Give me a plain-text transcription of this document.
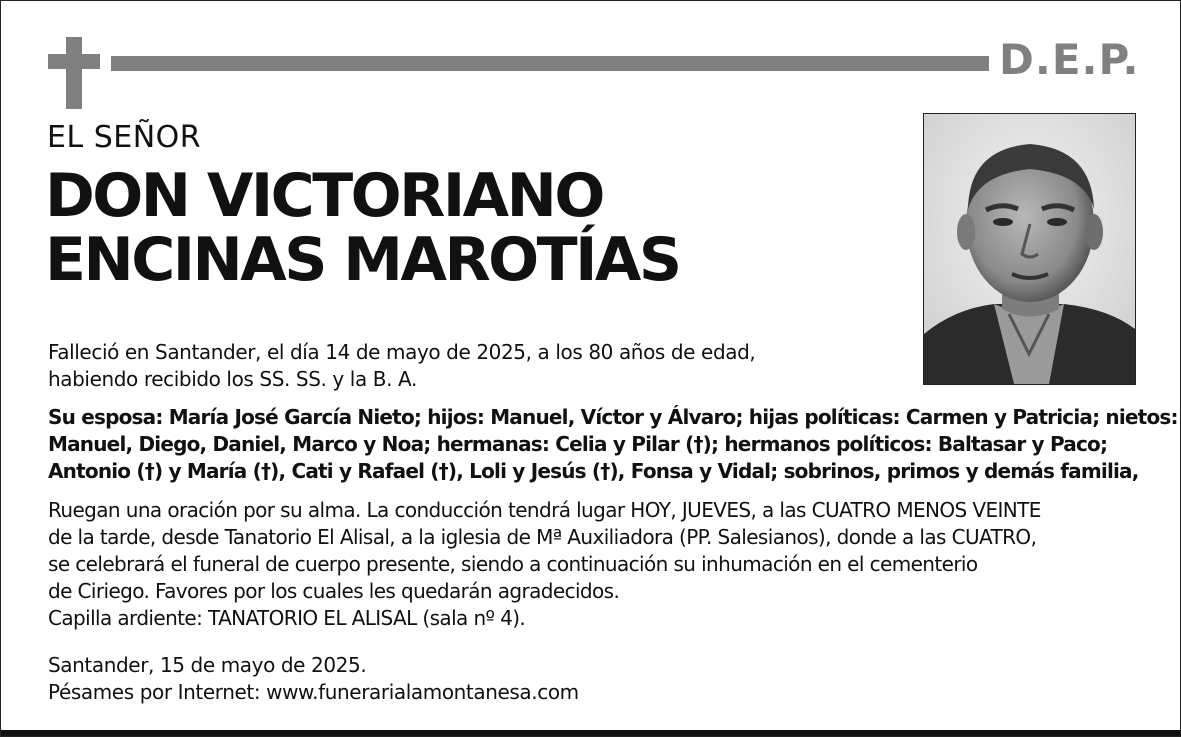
D.E.P.
EL SEÑOR
DON VICTORIANO
ENCINAS MAROTÍAS
Falleció en Santander, el día 14 de mayo de 2025, a los 80 años de edad,
habiendo recibido los SS. SS. y la B. A.
Su esposa: María José García Nieto; hijos: Manuel, Víctor y Álvaro; hijas políticas: Carmen y Patricia; nietos:
Manuel, Diego, Daniel, Marco y Noa; hermanas: Celia y Pilar (†); hermanos políticos: Baltasar y Paco;
Antonio (†) y María (†), Cati y Rafael (†), Loli y Jesús (†), Fonsa y Vidal; sobrinos, primos y demás familia,
Ruegan una oración por su alma. La conducción tendrá lugar HOY, JUEVES, a las CUATRO MENOS VEINTE
de la tarde, desde Tanatorio El Alisal, a la iglesia de Mª Auxiliadora (PP. Salesianos), donde a las CUATRO,
se celebrará el funeral de cuerpo presente, siendo a continuación su inhumación en el cementerio
de Ciriego. Favores por los cuales les quedarán agradecidos.
Capilla ardiente: TANATORIO EL ALISAL (sala nº 4).
Santander, 15 de mayo de 2025.
Pésames por Internet: www.funerarialamontanesa.com
